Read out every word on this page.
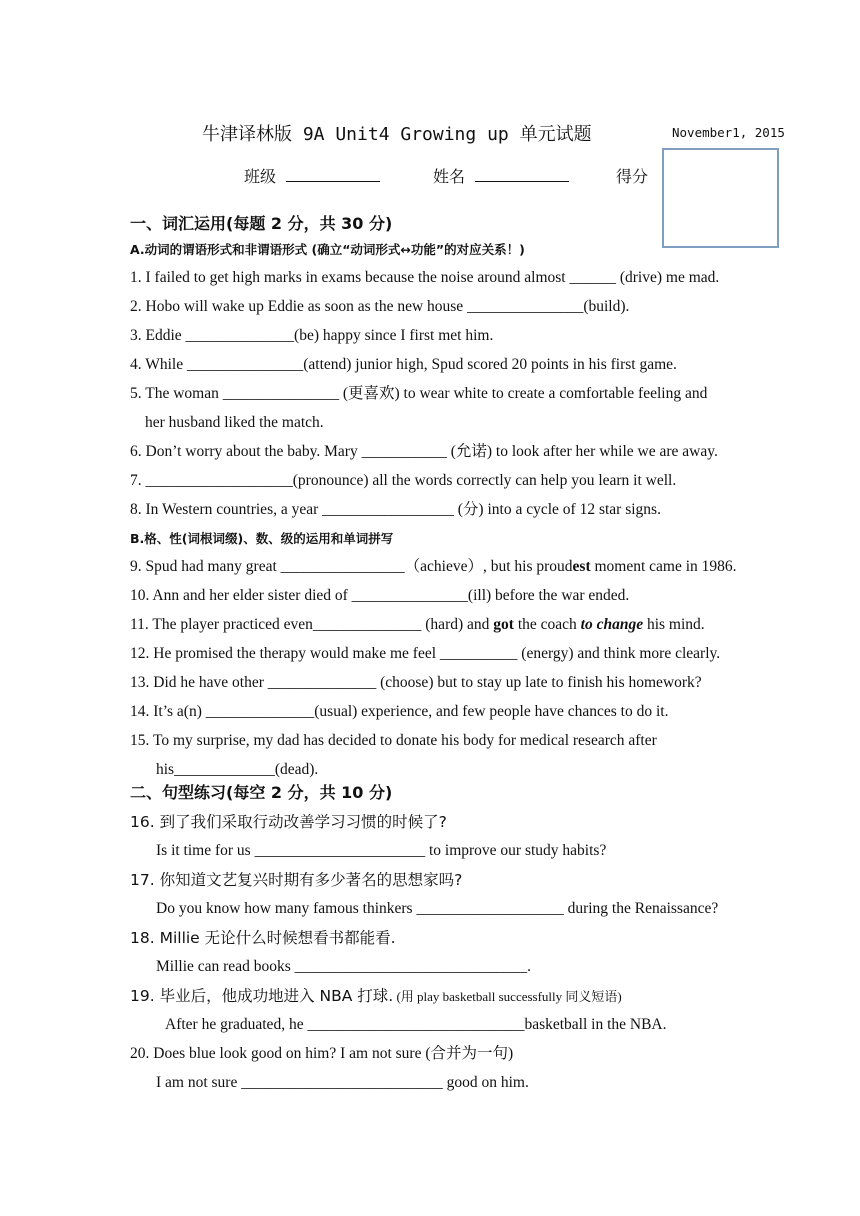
牛津译林版 9A Unit4 Growing up 单元试题	November1, 2015
班级	姓名	得分
一、词汇运用(每题 2 分，共 30 分)
A.动词的谓语形式和非谓语形式 (确立“动词形式↔功能”的对应关系！)
1. I failed to get high marks in exams because the noise around almost ______ (drive) me mad.
2. Hobo will wake up Eddie as soon as the new house _______________(build).
3. Eddie ______________(be) happy since I first met him.
4. While _______________(attend) junior high, Spud scored 20 points in his first game.
5. The woman _______________ (更喜欢) to wear white to create a comfortable feeling and
her husband liked the match.
6. Don’t worry about the baby. Mary ___________ (允诺) to look after her while we are away.
7. ___________________(pronounce) all the words correctly can help you learn it well.
8. In Western countries, a year _________________ (分) into a cycle of 12 star signs.
B.格、性(词根词缀)、数、级的运用和单词拼写
9. Spud had many great ________________（achieve）, but his proudest moment came in 1986.
10. Ann and her elder sister died of _______________(ill) before the war ended.
11. The player practiced even______________ (hard) and got the coach to change his mind.
12. He promised the therapy would make me feel __________ (energy) and think more clearly.
13. Did he have other ______________ (choose) but to stay up late to finish his homework?
14. It’s a(n) ______________(usual) experience, and few people have chances to do it.
15. To my surprise, my dad has decided to donate his body for medical research after
his_____________(dead).
二、句型练习(每空 2 分，共 10 分)
16. 到了我们采取行动改善学习习惯的时候了?
Is it time for us ______________________ to improve our study habits?
17. 你知道文艺复兴时期有多少著名的思想家吗?
Do you know how many famous thinkers ___________________ during the Renaissance?
18. Millie 无论什么时候想看书都能看.
Millie can read books ______________________________.
19. 毕业后，他成功地进入 NBA 打球. (用 play basketball successfully 同义短语)
After he graduated, he ____________________________basketball in the NBA.
20. Does blue look good on him? I am not sure (合并为一句)
I am not sure __________________________ good on him.
